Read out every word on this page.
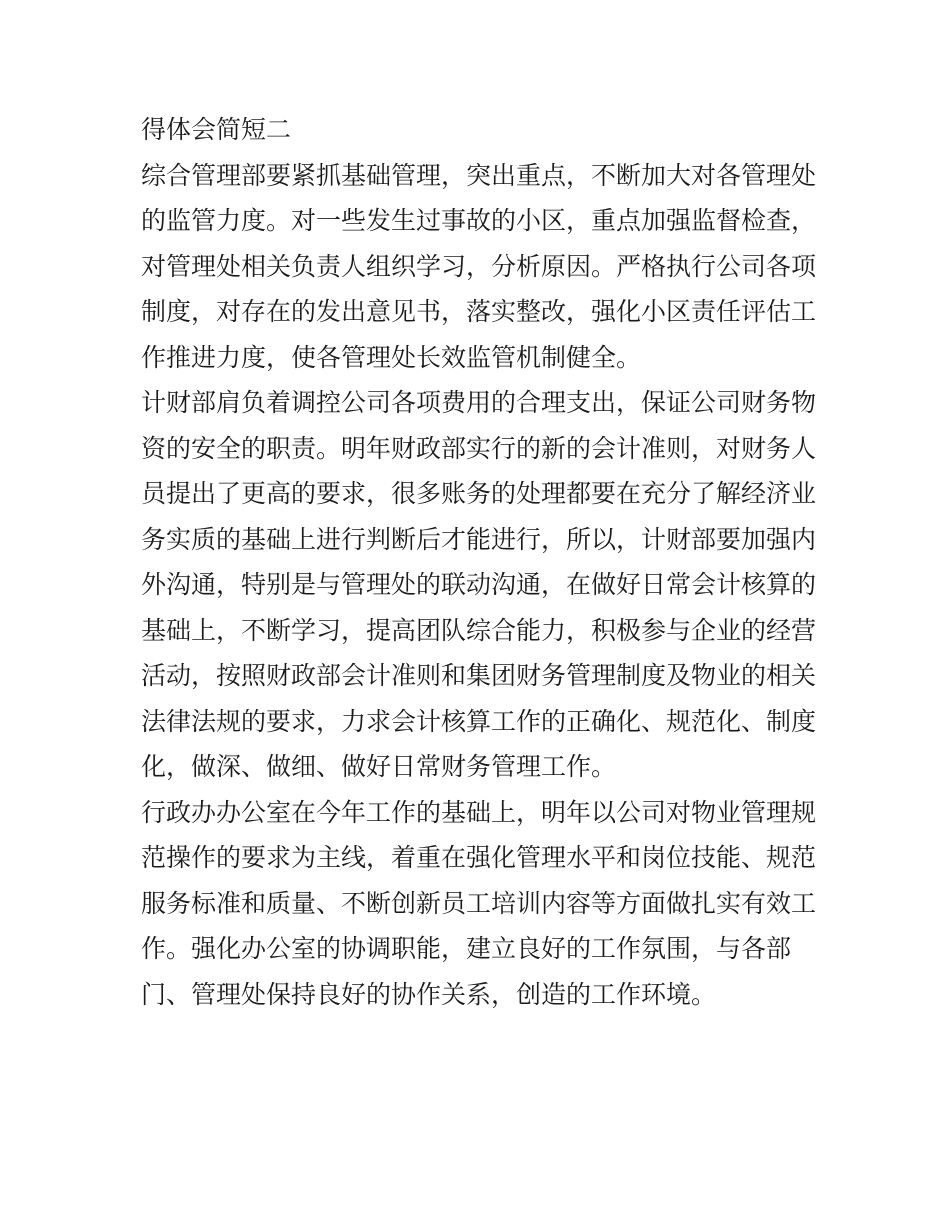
得体会简短二
综合管理部要紧抓基础管理，突出重点，不断加大对各管理处
的监管力度。对一些发生过事故的小区，重点加强监督检查，
对管理处相关负责人组织学习，分析原因。严格执行公司各项
制度，对存在的发出意见书，落实整改，强化小区责任评估工
作推进力度，使各管理处长效监管机制健全。
计财部肩负着调控公司各项费用的合理支出，保证公司财务物
资的安全的职责。明年财政部实行的新的会计准则，对财务人
员提出了更高的要求，很多账务的处理都要在充分了解经济业
务实质的基础上进行判断后才能进行，所以，计财部要加强内
外沟通，特别是与管理处的联动沟通，在做好日常会计核算的
基础上，不断学习，提高团队综合能力，积极参与企业的经营
活动，按照财政部会计准则和集团财务管理制度及物业的相关
法律法规的要求，力求会计核算工作的正确化、规范化、制度
化，做深、做细、做好日常财务管理工作。
行政办办公室在今年工作的基础上，明年以公司对物业管理规
范操作的要求为主线，着重在强化管理水平和岗位技能、规范
服务标准和质量、不断创新员工培训内容等方面做扎实有效工
作。强化办公室的协调职能，建立良好的工作氛围，与各部
门、管理处保持良好的协作关系，创造的工作环境。
